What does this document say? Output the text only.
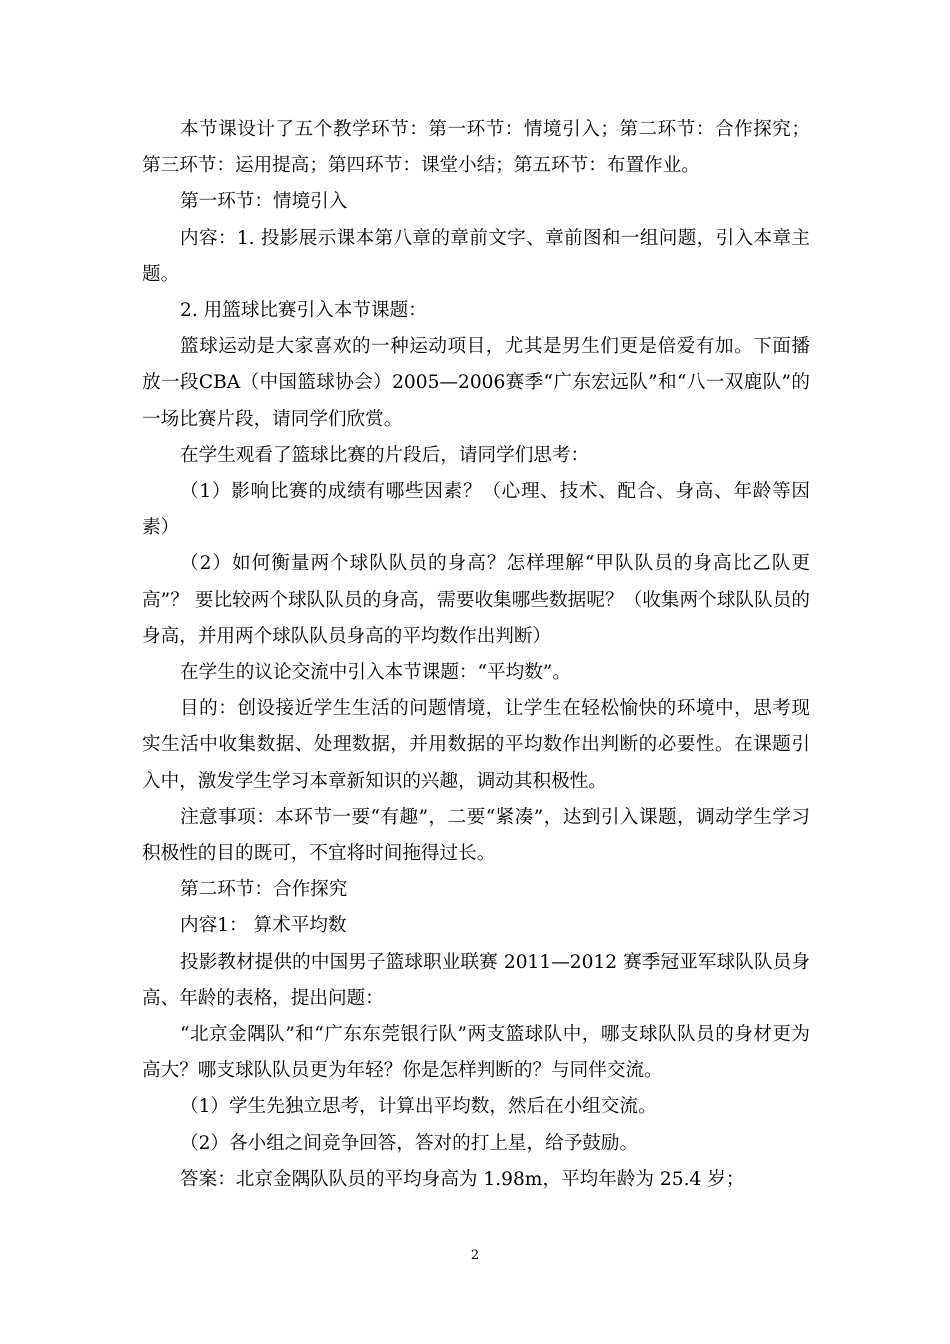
本节课设计了五个教学环节：第一环节：情境引入；第二环节：合作探究；第三环节：运用提高；第四环节：课堂小结；第五环节：布置作业。

第一环节：情境引入

内容：1. 投影展示课本第八章的章前文字、章前图和一组问题，引入本章主题。

2. 用篮球比赛引入本节课题：

篮球运动是大家喜欢的一种运动项目，尤其是男生们更是倍爱有加。下面播放一段CBA（中国篮球协会）2005—2006赛季“广东宏远队”和“八一双鹿队”的一场比赛片段，请同学们欣赏。

在学生观看了篮球比赛的片段后，请同学们思考：

（1）影响比赛的成绩有哪些因素？（心理、技术、配合、身高、年龄等因素）

（2）如何衡量两个球队队员的身高？怎样理解“甲队队员的身高比乙队更高”？ 要比较两个球队队员的身高，需要收集哪些数据呢？（收集两个球队队员的身高，并用两个球队队员身高的平均数作出判断）

在学生的议论交流中引入本节课题：“平均数”。

目的：创设接近学生生活的问题情境，让学生在轻松愉快的环境中，思考现实生活中收集数据、处理数据，并用数据的平均数作出判断的必要性。在课题引入中，激发学生学习本章新知识的兴趣，调动其积极性。

注意事项：本环节一要“有趣”，二要“紧凑”，达到引入课题，调动学生学习积极性的目的既可，不宜将时间拖得过长。

第二环节：合作探究

内容1： 算术平均数

投影教材提供的中国男子篮球职业联赛 2011—2012 赛季冠亚军球队队员身高、年龄的表格，提出问题：

“北京金隅队”和“广东东莞银行队”两支篮球队中，哪支球队队员的身材更为高大？哪支球队队员更为年轻？你是怎样判断的？与同伴交流。

（1）学生先独立思考，计算出平均数，然后在小组交流。

（2）各小组之间竞争回答，答对的打上星，给予鼓励。

答案：北京金隅队队员的平均身高为 1.98m，平均年龄为 25.4 岁；

2
